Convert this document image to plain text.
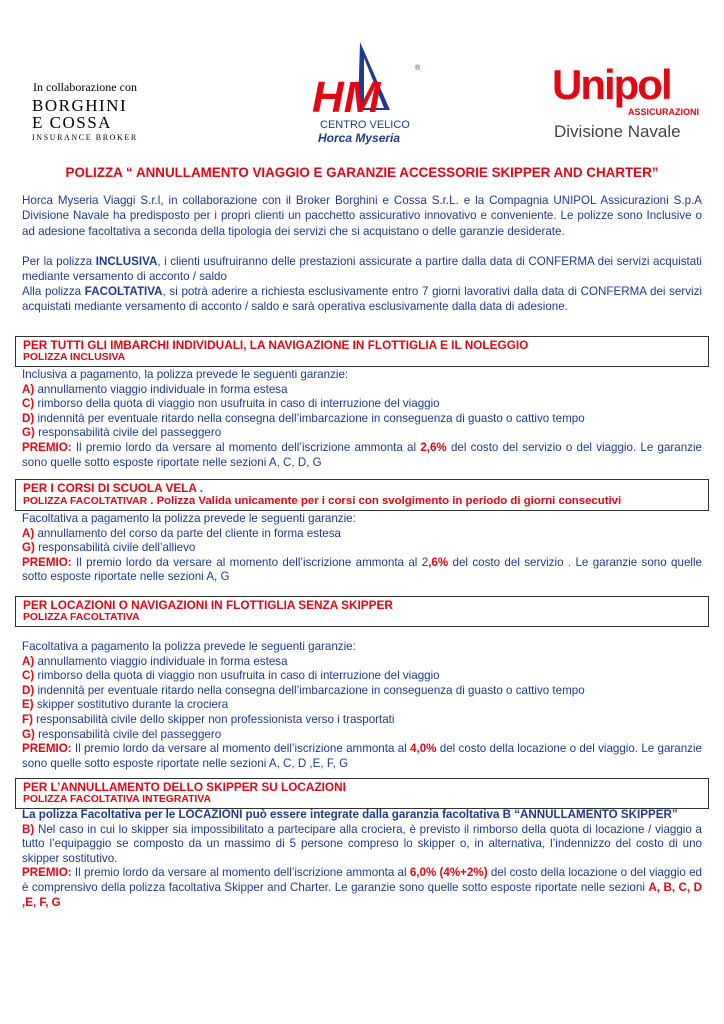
In collaborazione con
BORGHINI
E COSSA
INSURANCE BROKER
HM
®
CENTRO VELICO
Horca Myseria
Unipol
ASSICURAZIONI
Divisione Navale
POLIZZA “ ANNULLAMENTO VIAGGIO E GARANZIE ACCESSORIE SKIPPER AND CHARTER”
Horca Myseria Viaggi S.r.l, in collaborazione con il Broker Borghini e Cossa S.r.L. e la Compagnia UNIPOL Assicurazioni S.p.A Divisione Navale ha predisposto per i propri clienti un pacchetto assicurativo innovativo e conveniente. Le polizze sono Inclusive o ad adesione facoltativa a seconda della tipologia dei servizi che si acquistano o delle garanzie desiderate.
Per la polizza INCLUSIVA, i clienti usufruiranno delle prestazioni assicurate a partire dalla data di CONFERMA dei servizi acquistati mediante versamento di acconto / saldo
Alla polizza FACOLTATIVA, si potrà aderire a richiesta esclusivamente entro 7 giorni lavorativi dalla data di CONFERMA dei servizi acquistati mediante versamento di acconto / saldo e sarà operativa esclusivamente dalla data di adesione.
PER TUTTI GLI IMBARCHI INDIVIDUALI, LA NAVIGAZIONE IN FLOTTIGLIA E IL NOLEGGIO
POLIZZA INCLUSIVA
Inclusiva a pagamento, la polizza prevede le seguenti garanzie:
A) annullamento viaggio individuale in forma estesa
C) rimborso della quota di viaggio non usufruita in caso di interruzione del viaggio
D) indennità per eventuale ritardo nella consegna dell’imbarcazione in conseguenza di guasto o cattivo tempo
G) responsabilità civile del passeggero
PREMIO: Il premio lordo da versare al momento dell’iscrizione ammonta al 2,6% del costo del servizio o del viaggio. Le garanzie sono quelle sotto esposte riportate nelle sezioni A, C, D, G
PER I CORSI DI SCUOLA VELA .
POLIZZA FACOLTATIVAR . Polizza Valida unicamente per i corsi con svolgimento in periodo di giorni consecutivi
Facoltativa a pagamento la polizza prevede le seguenti garanzie:
A) annullamento del corso da parte del cliente in forma estesa
G) responsabilità civile dell’allievo
PREMIO: Il premio lordo da versare al momento dell’iscrizione ammonta al 2,6% del costo del servizio . Le garanzie sono quelle sotto esposte riportate nelle sezioni A, G
PER LOCAZIONI O NAVIGAZIONI IN FLOTTIGLIA SENZA SKIPPER
POLIZZA FACOLTATIVA
Facoltativa a pagamento la polizza prevede le seguenti garanzie:
A) annullamento viaggio individuale in forma estesa
C) rimborso della quota di viaggio non usufruita in caso di interruzione del viaggio
D) indennità per eventuale ritardo nella consegna dell’imbarcazione in conseguenza di guasto o cattivo tempo
E) skipper sostitutivo durante la crociera
F) responsabilità civile dello skipper non professionista verso i trasportati
G) responsabilità civile del passeggero
PREMIO: Il premio lordo da versare al momento dell’iscrizione ammonta al 4,0% del costo della locazione o del viaggio. Le garanzie sono quelle sotto esposte riportate nelle sezioni A, C, D ,E, F, G
PER L’ANNULLAMENTO DELLO SKIPPER SU LOCAZIONI
POLIZZA FACOLTATIVA INTEGRATIVA
La polizza Facoltativa per le LOCAZIONI può essere integrate dalla garanzia facoltativa B “ANNULLAMENTO SKIPPER”
B) Nel caso in cui lo skipper sia impossibilitato a partecipare alla crociera, è previsto il rimborso della quota di locazione / viaggio a tutto l’equipaggio se composto da un massimo di 5 persone compreso lo skipper o, in alternativa, l’indennizzo del costo di uno skipper sostitutivo.
PREMIO: Il premio lordo da versare al momento dell’iscrizione ammonta al 6,0% (4%+2%) del costo della locazione o del viaggio ed è comprensivo della polizza facoltativa Skipper and Charter. Le garanzie sono quelle sotto esposte riportate nelle sezioni A, B, C, D ,E, F, G
